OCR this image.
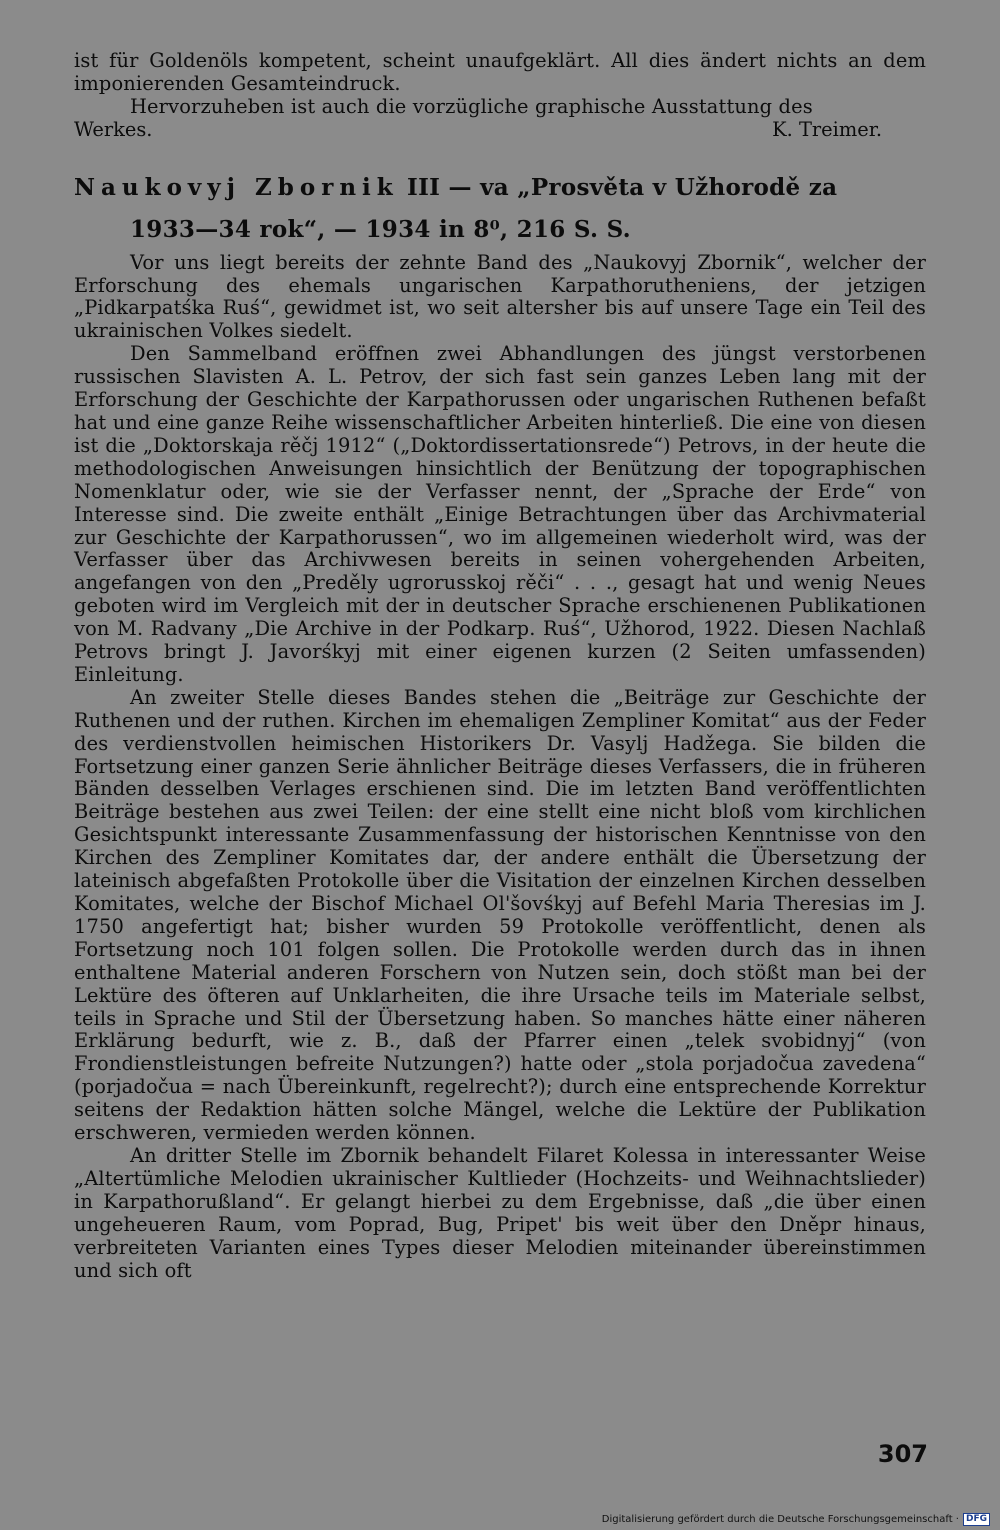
ist für Goldenöls kompetent, scheint unaufgeklärt. All dies ändert nichts an dem imponierenden Gesamteindruck.

Hervorzuheben ist auch die vorzügliche graphische Ausstattung des

Werkes.	K. Treimer.
Naukovyj Zbornik III — va „Prosvěta v Užhorodě za
1933—34 rok“, — 1934 in 8⁰, 216 S. S.

Vor uns liegt bereits der zehnte Band des „Naukovyj Zbornik“, welcher der Erforschung des ehemals ungarischen Karpathorutheniens, der jetzigen „Pidkarpatśka Ruś“, gewidmet ist, wo seit altersher bis auf unsere Tage ein Teil des ukrainischen Volkes siedelt.

Den Sammelband eröffnen zwei Abhandlungen des jüngst verstorbenen russischen Slavisten A. L. Petrov, der sich fast sein ganzes Leben lang mit der Erforschung der Geschichte der Karpathorussen oder ungarischen Ruthenen befaßt hat und eine ganze Reihe wissenschaftlicher Arbeiten hinterließ. Die eine von diesen ist die „Doktorskaja rěčj 1912“ („Doktordissertationsrede“) Petrovs, in der heute die methodologischen Anweisungen hinsichtlich der Benützung der topographischen Nomenklatur oder, wie sie der Verfasser nennt, der „Sprache der Erde“ von Interesse sind. Die zweite enthält „Einige Betrachtungen über das Archivmaterial zur Geschichte der Karpathorussen“, wo im allgemeinen wiederholt wird, was der Verfasser über das Archivwesen bereits in seinen vohergehenden Arbeiten, angefangen von den „Preděly ugrorusskoj rěči“ . . ., gesagt hat und wenig Neues geboten wird im Vergleich mit der in deutscher Sprache erschienenen Publikationen von M. Radvany „Die Archive in der Podkarp. Ruś“, Užhorod, 1922. Diesen Nachlaß Petrovs bringt J. Javorśkyj mit einer eigenen kurzen (2 Seiten umfassenden) Einleitung.

An zweiter Stelle dieses Bandes stehen die „Beiträge zur Geschichte der Ruthenen und der ruthen. Kirchen im ehemaligen Zempliner Komitat“ aus der Feder des verdienstvollen heimischen Historikers Dr. Vasylj Hadžega. Sie bilden die Fortsetzung einer ganzen Serie ähnlicher Beiträge dieses Verfassers, die in früheren Bänden desselben Verlages erschienen sind. Die im letzten Band veröffentlichten Beiträge bestehen aus zwei Teilen: der eine stellt eine nicht bloß vom kirchlichen Gesichtspunkt interessante Zusammenfassung der historischen Kenntnisse von den Kirchen des Zempliner Komitates dar, der andere enthält die Übersetzung der lateinisch abgefaßten Protokolle über die Visitation der einzelnen Kirchen desselben Komitates, welche der Bischof Michael Ol'šovśkyj auf Befehl Maria Theresias im J. 1750 angefertigt hat; bisher wurden 59 Protokolle veröffentlicht, denen als Fortsetzung noch 101 folgen sollen. Die Protokolle werden durch das in ihnen enthaltene Material anderen Forschern von Nutzen sein, doch stößt man bei der Lektüre des öfteren auf Unklarheiten, die ihre Ursache teils im Materiale selbst, teils in Sprache und Stil der Übersetzung haben. So manches hätte einer näheren Erklärung bedurft, wie z. B., daß der Pfarrer einen „telek svobidnyj“ (von Frondienstleistungen befreite Nutzungen?) hatte oder „stola porjadočua zavedena“ (porjadočua = nach Übereinkunft, regelrecht?); durch eine entsprechende Korrektur seitens der Redaktion hätten solche Mängel, welche die Lektüre der Publikation erschweren, vermieden werden können.

An dritter Stelle im Zbornik behandelt Filaret Kolessa in interessanter Weise „Altertümliche Melodien ukrainischer Kultlieder (Hochzeits- und Weihnachtslieder) in Karpathorußland“. Er gelangt hierbei zu dem Ergebnisse, daß „die über einen ungeheueren Raum, vom Poprad, Bug, Pripet' bis weit über den Dněpr hinaus, verbreiteten Varianten eines Types dieser Melodien miteinander übereinstimmen und sich oft

307
Digitalisierung gefördert durch die Deutsche Forschungsgemeinschaft · DFG
